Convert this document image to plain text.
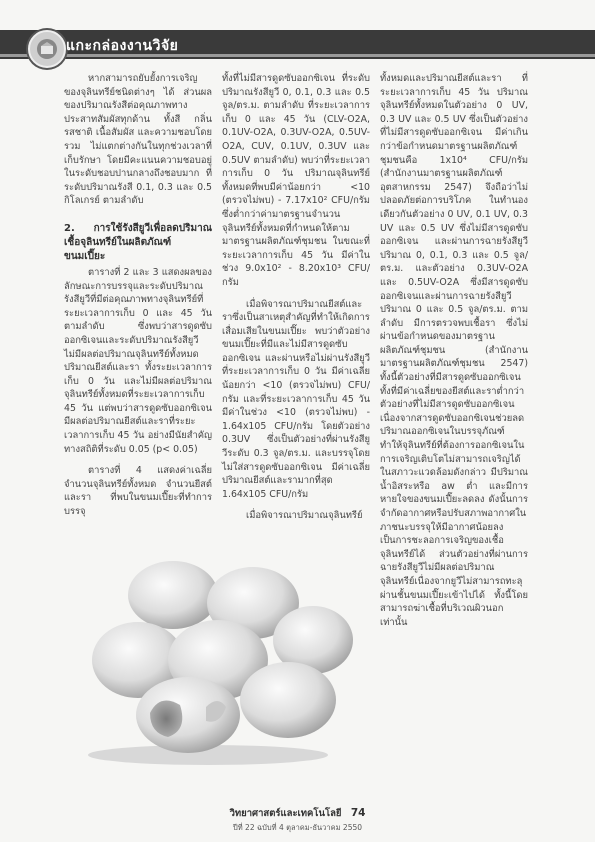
แกะกล่องงานวิจัย

หากสามารถยับยั้งการเจริญของจุลินทรีย์ชนิดต่างๆ ได้ ส่วนผลของปริมาณรังสีต่อคุณภาพทางประสาทสัมผัสทุกด้าน ทั้งสี กลิ่น รสชาติ เนื้อสัมผัส และความชอบโดยรวม ไม่แตกต่างกันในทุกช่วงเวลาที่เก็บรักษา โดยมีคะแนนความชอบอยู่ในระดับชอบปานกลางถึงชอบมาก ที่ระดับปริมาณรังสี 0.1, 0.3 และ 0.5 กิโลเกรย์ ตามลำดับ

2. การใช้รังสียูวีเพื่อลดปริมาณเชื้อจุลินทรีย์ในผลิตภัณฑ์ขนมเปี๊ยะ

ตารางที่ 2 และ 3 แสดงผลของลักษณะการบรรจุและระดับปริมาณรังสียูวีที่มีต่อคุณภาพทางจุลินทรีย์ที่ระยะเวลาการเก็บ 0 และ 45 วัน ตามลำดับ ซึ่งพบว่าสารดูดซับออกซิเจนและระดับปริมาณรังสียูวีไม่มีผลต่อปริมาณจุลินทรีย์ทั้งหมด ปริมาณยีสต์และรา ทั้งระยะเวลาการเก็บ 0 วัน และไม่มีผลต่อปริมาณจุลินทรีย์ทั้งหมดที่ระยะเวลาการเก็บ 45 วัน แต่พบว่าสารดูดซับออกซิเจนมีผลต่อปริมาณยีสต์และราที่ระยะเวลาการเก็บ 45 วัน อย่างมีนัยสำคัญทางสถิติที่ระดับ 0.05 (p< 0.05)

ตารางที่ 4 แสดงค่าเฉลี่ยจำนวนจุลินทรีย์ทั้งหมด จำนวนยีสต์และรา ที่พบในขนมเปี๊ยะที่ทำการบรรจุ

ทั้งที่ไม่มีสารดูดซับออกซิเจน ที่ระดับปริมาณรังสียูวี 0, 0.1, 0.3 และ 0.5 จูล/ตร.ม. ตามลำดับ ที่ระยะเวลาการเก็บ 0 และ 45 วัน (CLV-O2A, 0.1UV-O2A, 0.3UV-O2A, 0.5UV-O2A, CUV, 0.1UV, 0.3UV และ 0.5UV ตามลำดับ) พบว่าที่ระยะเวลาการเก็บ 0 วัน ปริมาณจุลินทรีย์ทั้งหมดที่พบมีค่าน้อยกว่า <10 (ตรวจไม่พบ) - 7.17x10² CFU/กรัม ซึ่งต่ำกว่าค่ามาตรฐานจำนวนจุลินทรีย์ทั้งหมดที่กำหนดให้ตามมาตรฐานผลิตภัณฑ์ชุมชน ในขณะที่ระยะเวลาการเก็บ 45 วัน มีค่าในช่วง 9.0x10² - 8.20x10³ CFU/กรัม

เมื่อพิจารณาปริมาณยีสต์และราซึ่งเป็นสาเหตุสำคัญที่ทำให้เกิดการเสื่อมเสียในขนมเปี๊ยะ พบว่าตัวอย่างขนมเปี๊ยะที่มีและไม่มีสารดูดซับออกซิเจน และผ่านหรือไม่ผ่านรังสียูวี ที่ระยะเวลาการเก็บ 0 วัน มีค่าเฉลี่ยน้อยกว่า <10 (ตรวจไม่พบ) CFU/กรัม และที่ระยะเวลาการเก็บ 45 วัน มีค่าในช่วง <10 (ตรวจไม่พบ) - 1.64x105 CFU/กรัม โดยตัวอย่าง 0.3UV ซึ่งเป็นตัวอย่างที่ผ่านรังสียูวีระดับ 0.3 จูล/ตร.ม. และบรรจุโดยไม่ใส่สารดูดซับออกซิเจน มีค่าเฉลี่ยปริมาณยีสต์และรามากที่สุด 1.64x105 CFU/กรัม

เมื่อพิจารณาปริมาณจุลินทรีย์

ทั้งหมดและปริมาณยีสต์และรา ที่ระยะเวลาการเก็บ 45 วัน ปริมาณจุลินทรีย์ทั้งหมดในตัวอย่าง 0 UV, 0.3 UV และ 0.5 UV ซึ่งเป็นตัวอย่างที่ไม่มีสารดูดซับออกซิเจน มีค่าเกินกว่าข้อกำหนดมาตรฐานผลิตภัณฑ์ชุมชนคือ 1x10⁴ CFU/กรัม (สำนักงานมาตรฐานผลิตภัณฑ์อุตสาหกรรม 2547) จึงถือว่าไม่ปลอดภัยต่อการบริโภค ในทำนองเดียวกันตัวอย่าง 0 UV, 0.1 UV, 0.3 UV และ 0.5 UV ซึ่งไม่มีสารดูดซับออกซิเจน และผ่านการฉายรังสียูวีปริมาณ 0, 0.1, 0.3 และ 0.5 จูล/ตร.ม. และตัวอย่าง 0.3UV-O2A และ 0.5UV-O2A ซึ่งมีสารดูดซับออกซิเจนและผ่านการฉายรังสียูวีปริมาณ 0 และ 0.5 จูล/ตร.ม. ตามลำดับ มีการตรวจพบเชื้อรา ซึ่งไม่ผ่านข้อกำหนดของมาตรฐานผลิตภัณฑ์ชุมชน (สำนักงานมาตรฐานผลิตภัณฑ์ชุมชน 2547) ทั้งนี้ตัวอย่างที่มีสารดูดซับออกซิเจนทั้งที่มีค่าเฉลี่ยของยีสต์และราต่ำกว่าตัวอย่างที่ไม่มีสารดูดซับออกซิเจน เนื่องจากสารดูดซับออกซิเจนช่วยลดปริมาณออกซิเจนในบรรจุภัณฑ์ ทำให้จุลินทรีย์ที่ต้องการออกซิเจนในการเจริญเติบโตไม่สามารถเจริญได้ในสภาวะแวดล้อมดังกล่าว มีปริมาณน้ำอิสระหรือ aw ต่ำ และมีการหายใจของขนมเปี๊ยะลดลง ดังนั้นการจำกัดอากาศหรือปรับสภาพอากาศในภาชนะบรรจุให้มีอากาศน้อยลงเป็นการชะลอการเจริญของเชื้อจุลินทรีย์ได้ ส่วนตัวอย่างที่ผ่านการฉายรังสียูวีไม่มีผลต่อปริมาณจุลินทรีย์เนื่องจากยูวีไม่สามารถทะลุผ่านชั้นขนมเปี๊ยะเข้าไปได้ ทั้งนี้โดยสามารถฆ่าเชื้อที่บริเวณผิวนอกเท่านั้น

วิทยาศาสตร์และเทคโนโลยี 74
ปีที่ 22 ฉบับที่ 4 ตุลาคม-ธันวาคม 2550
